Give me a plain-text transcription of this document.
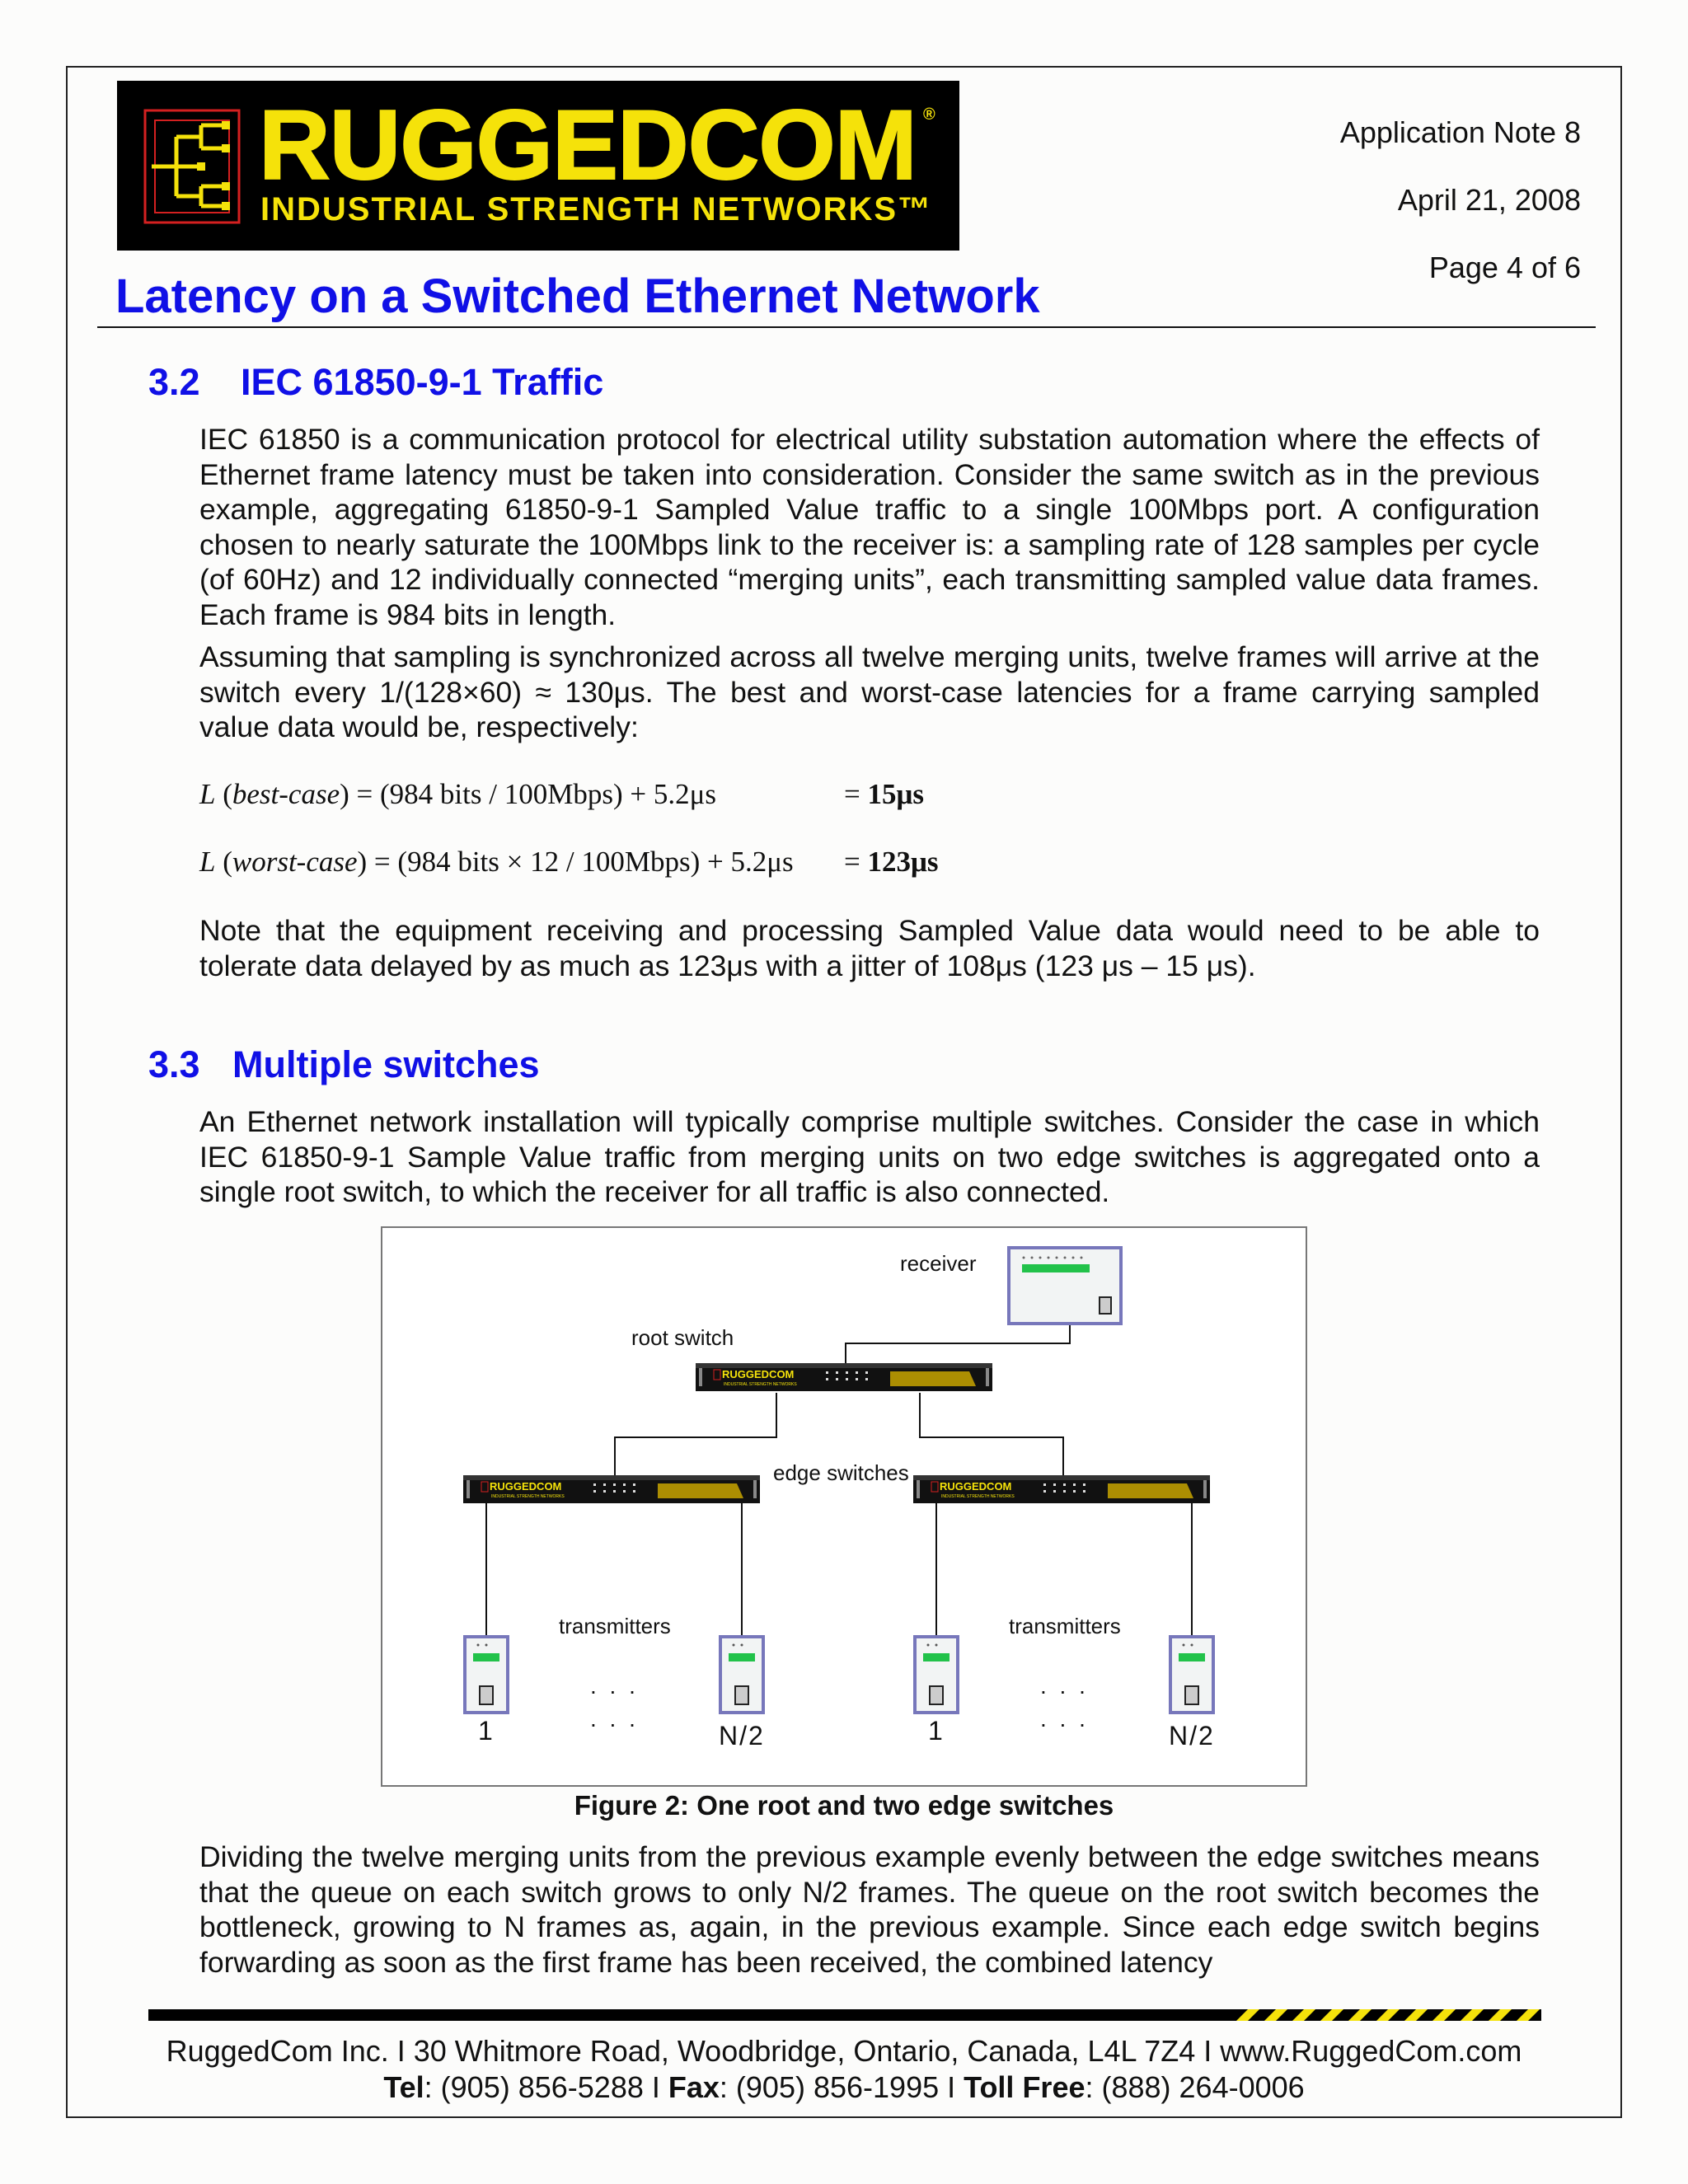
RUGGEDCOM ®
INDUSTRIAL STRENGTH NETWORKS™
Application Note 8
April 21, 2008
Page 4 of 6
Latency on a Switched Ethernet Network
3.2 IEC 61850-9-1 Traffic
IEC 61850 is a communication protocol for electrical utility substation automation where the effects of Ethernet frame latency must be taken into consideration. Consider the same switch as in the previous example, aggregating 61850-9-1 Sampled Value traffic to a single 100Mbps port. A configuration chosen to nearly saturate the 100Mbps link to the receiver is: a sampling rate of 128 samples per cycle (of 60Hz) and 12 individually connected “merging units”, each transmitting sampled value data frames. Each frame is 984 bits in length.
Assuming that sampling is synchronized across all twelve merging units, twelve frames will arrive at the switch every 1/(128×60) ≈ 130μs. The best and worst-case latencies for a frame carrying sampled value data would be, respectively:
L (best-case) = (984 bits / 100Mbps) + 5.2μs	= 15μs
L (worst-case) = (984 bits × 12 / 100Mbps) + 5.2μs = 123μs
Note that the equipment receiving and processing Sampled Value data would need to be able to tolerate data delayed by as much as 123μs with a jitter of 108μs (123 μs – 15 μs).
3.3 Multiple switches
An Ethernet network installation will typically comprise multiple switches. Consider the case in which IEC 61850-9-1 Sample Value traffic from merging units on two edge switches is aggregated onto a single root switch, to which the receiver for all traffic is also connected.
RUGGEDCOM
INDUSTRIAL STRENGTH NETWORKS
RUGGEDCOM
INDUSTRIAL STRENGTH NETWORKS
RUGGEDCOM
INDUSTRIAL STRENGTH NETWORKS
receiver
root switch
edge switches
transmitters	transmitters
. . .
. . .
. . .
. . .
1	N/2	1	N/2
Figure 2: One root and two edge switches
Dividing the twelve merging units from the previous example evenly between the edge switches means that the queue on each switch grows to only N/2 frames. The queue on the root switch becomes the bottleneck, growing to N frames as, again, in the previous example. Since each edge switch begins forwarding as soon as the first frame has been received, the combined latency
RuggedCom Inc. I 30 Whitmore Road, Woodbridge, Ontario, Canada, L4L 7Z4 I www.RuggedCom.com
Tel: (905) 856-5288 I Fax: (905) 856-1995 I Toll Free: (888) 264-0006
